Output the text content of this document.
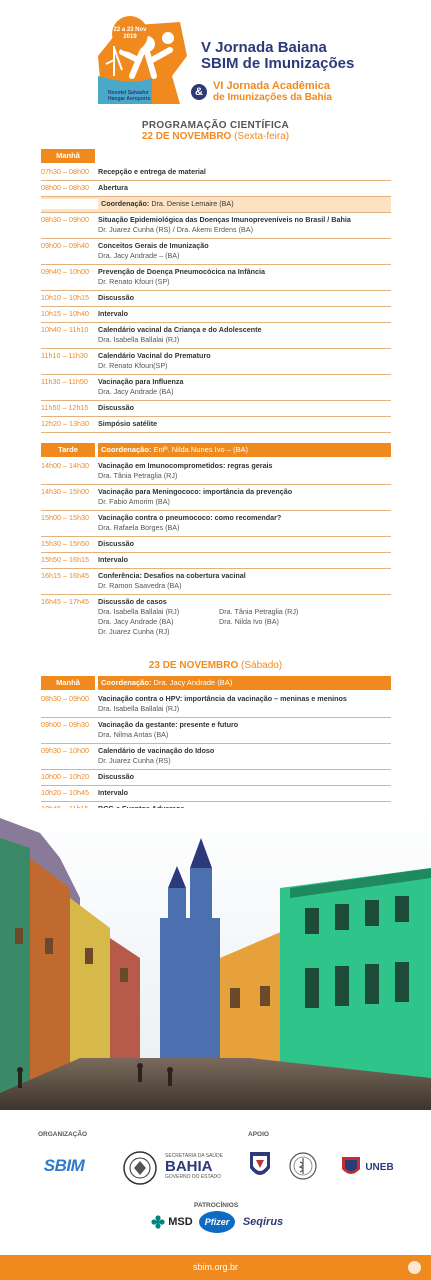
22 a 23 Nov
2019
Novotel Salvador
Hangar Aeroporto
V Jornada Baiana
SBIM de Imunizações
& VI Jornada Acadêmica
de Imunizações da Bahia
PROGRAMAÇÃO CIENTÍFICA
22 DE NOVEMBRO (Sexta-feira)
Manhã
07h30 – 08h00	Recepção e entrega de material
08h00 – 08h30	Abertura
Coordenação: Dra. Denise Lemaire (BA)
08h30 – 09h00	Situação Epidemiológica das Doenças Imunopreveníveis no Brasil / Bahia
Dr. Juarez Cunha (RS) / Dra. Akemi Erdens (BA)
09h00 – 09h40	Conceitos Gerais de Imunização
Dra. Jacy Andrade – (BA)
09h40 – 10h00	Prevenção de Doença Pneumocócica na Infância
Dr. Renato Kfouri (SP)
10h10 – 10h15	Discussão
10h15 – 10h40	Intervalo
10h40 – 11h10	Calendário vacinal da Criança e do Adolescente
Dra. Isabella Ballalai (RJ)
11h10 – 11h30	Calendário Vacinal do Prematuro
Dr. Renato Kfouri(SP)
11h30 – 11h50	Vacinação para Influenza
Dra. Jacy Andrade (BA)
11h50 – 12h15	Discussão
12h20 – 13h30	Simpósio satélite
Tarde	Coordenação: Enfª. Nilda Nunes Ivo – (BA)
14h00 – 14h30	Vacinação em Imunocomprometidos: regras gerais
Dra. Tânia Petraglia (RJ)
14h30 – 15h00	Vacinação para Meningococo: importância da prevenção
Dr. Fabio Amorim (BA)
15h00 – 15h30	Vacinação contra o pneumococo: como recomendar?
Dra. Rafaela Borges (BA)
15h30 – 15h50	Discussão
15h50 – 16h15	Intervalo
16h15 – 16h45	Conferência: Desafios na cobertura vacinal
Dr. Ramon Saavedra (BA)
16h45 – 17h45	Discussão de casos
Dra. Isabella Ballalai (RJ)
Dra. Jacy Andrade (BA)
Dr. Juarez Cunha (RJ)
Dra. Tânia Petraglia (RJ)
Dra. Nilda Ivo (BA)
23 DE NOVEMBRO (Sábado)
Manhã	Coordenação: Dra. Jacy Andrade (BA)
08h30 – 09h00	Vacinação contra o HPV: importância da vacinação – meninas e meninos
Dra. Isabella Ballalai (RJ)
09h00 – 09h30	Vacinação da gestante: presente e futuro
Dra. Nilma Antas (BA)
09h30 – 10h00	Calendário de vacinação do Idoso
Dr. Juarez Cunha (RS)
10h00 – 10h20	Discussão
10h20 – 10h45	Intervalo
ORGANIZAÇÃO	APOIO
PATROCÍNIOS
SBIM
SECRETARIA DA SAÚDE
BAHIA
GOVERNO DO ESTADO
UNEB
MSD Pfizer Seqirus
sbim.org.br
